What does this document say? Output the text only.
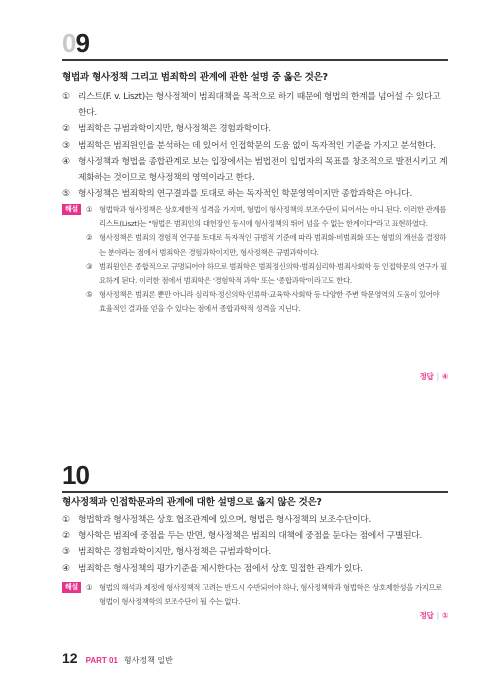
09
형법과 형사정책 그리고 범죄학의 관계에 관한 설명 중 옳은 것은?
① 리스트(F. v. Liszt)는 형사정책이 범죄대책을 목적으로 하기 때문에 형법의 한계를 넘어설 수 있다고 한다.
② 범죄학은 규범과학이지만, 형사정책은 경험과학이다.
③ 범죄학은 범죄원인을 분석하는 데 있어서 인접학문의 도움 없이 독자적인 기준을 가지고 분석한다.
④ 형사정책과 형법을 종합관계로 보는 입장에서는 범법전이 입법자의 목표를 창조적으로 발전시키고 계제화하는 것이므로 형사정책의 영역이라고 한다.
⑤ 형사정책은 범죄학의 연구결과를 토대로 하는 독자적인 학문영역이지만 종합과학은 아니다.
해설	① 형법학과 형사정책은 상호제한적 성격을 가지며, 형법이 형사정책의 보조수단이 되어서는 아니 된다. 이러한 관계를 리스트(Liszt)는 "형법은 범죄인의 대헌장인 동시에 형사정책의 뛰어 넘을 수 없는 한계이다"라고 표현하였다.
② 형사정책은 범죄의 경험적 연구를 토대로 독자적인 규범적 기준에 따라 범죄화·비범죄화 또는 형벌의 개선을 결정하는 분야라는 점에서 범죄학은 경험과학이지만, 형사정책은 규범과학이다.
③ 범죄원인은 종합적으로 규명되어야 하므로 범죄학은 범죄정신의학·범죄심리학·범죄사회학 등 인접학문의 연구가 필요하게 된다. 이러한 점에서 범죄학은 '경험학적 과학' 또는 '종합과학'이라고도 한다.
⑤ 형사정책은 범죄론 뿐만 아니라 심리학·정신의학·인류학·교육학·사회학 등 다양한 주변 학문영역의 도움이 있어야 효율적인 결과를 얻을 수 있다는 점에서 종합과학적 성격을 지닌다.
정답 | ④
10
형사정책과 인접학문과의 관계에 대한 설명으로 옳지 않은 것은?
① 형법학과 형사정책은 상호 협조관계에 있으며, 형법은 형사정책의 보조수단이다.
② 형사학은 범죄에 중점을 두는 반면, 형사정책은 범죄의 대책에 중점을 둔다는 점에서 구별된다.
③ 범죄학은 경험과학이지만, 형사정책은 규범과학이다.
④ 범죄학은 형사정책의 평가기준을 제시한다는 점에서 상호 밀접한 관계가 있다.
해설	① 형법의 해석과 제정에 형사정책적 고려는 반드시 수반되어야 하나, 형사정책학과 형법학은 상호제한성을 가지므로 형법이 형사정책학의 보조수단이 될 수는 없다.
정답 | ①
12 PART 01 형사정책 일반
